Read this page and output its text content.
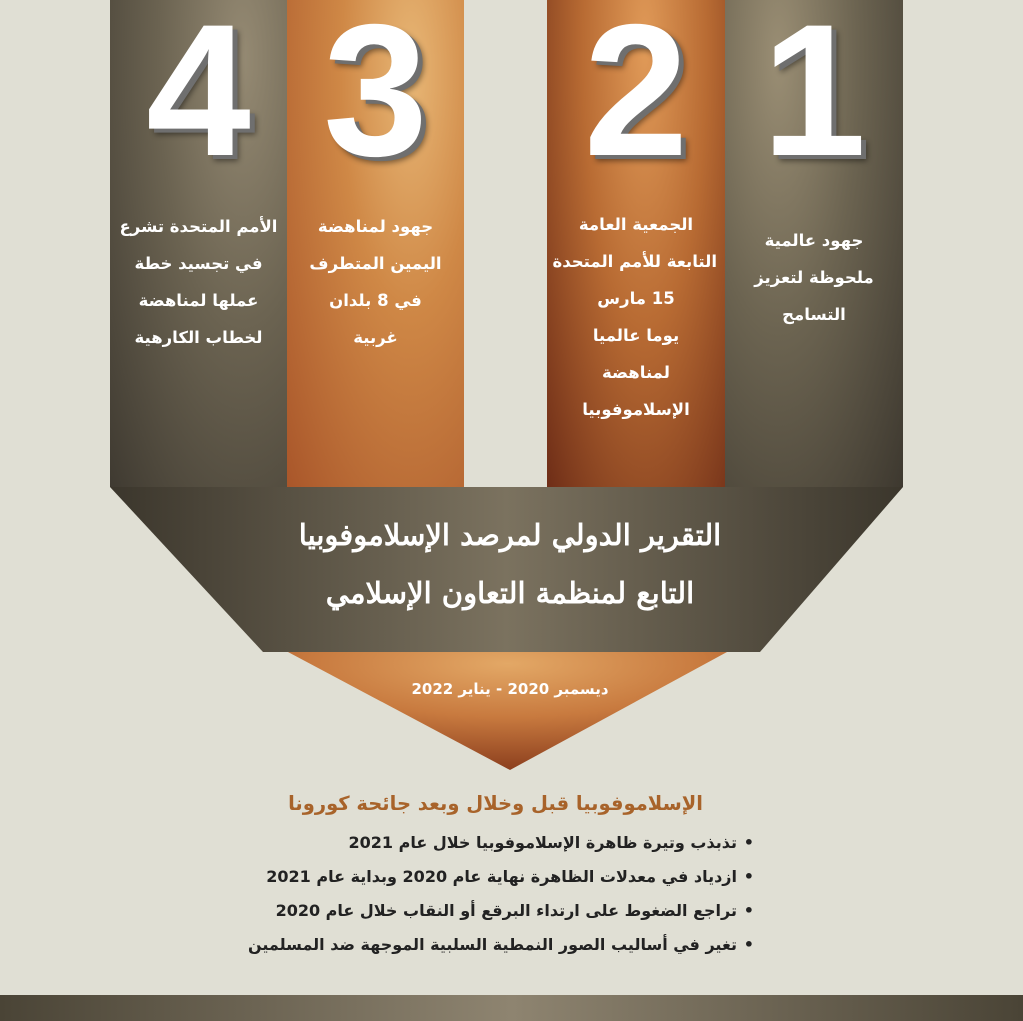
4
الأمم المتحدة تشرع
في تجسيد خطة
عملها لمناهضة
لخطاب الكارهية
3
جهود لمناهضة
اليمين المتطرف
في 8 بلدان
غربية
2
الجمعية العامة
التابعة للأمم المتحدة
15 مارس
يوما عالميا
لمناهضة
الإسلاموفوبيا
1
جهود عالمية
ملحوظة لتعزيز
التسامح
التقرير الدولي لمرصد الإسلاموفوبيا
التابع لمنظمة التعاون الإسلامي
ديسمبر 2020 - يناير 2022
الإسلاموفوبيا قبل وخلال وبعد جائحة كورونا
• تذبذب وتيرة ظاهرة الإسلاموفوبيا خلال عام 2021
• ازدياد في معدلات الظاهرة نهاية عام 2020 وبداية عام 2021
• تراجع الضغوط على ارتداء البرقع أو النقاب خلال عام 2020
• تغير في أساليب الصور النمطية السلبية الموجهة ضد المسلمين
